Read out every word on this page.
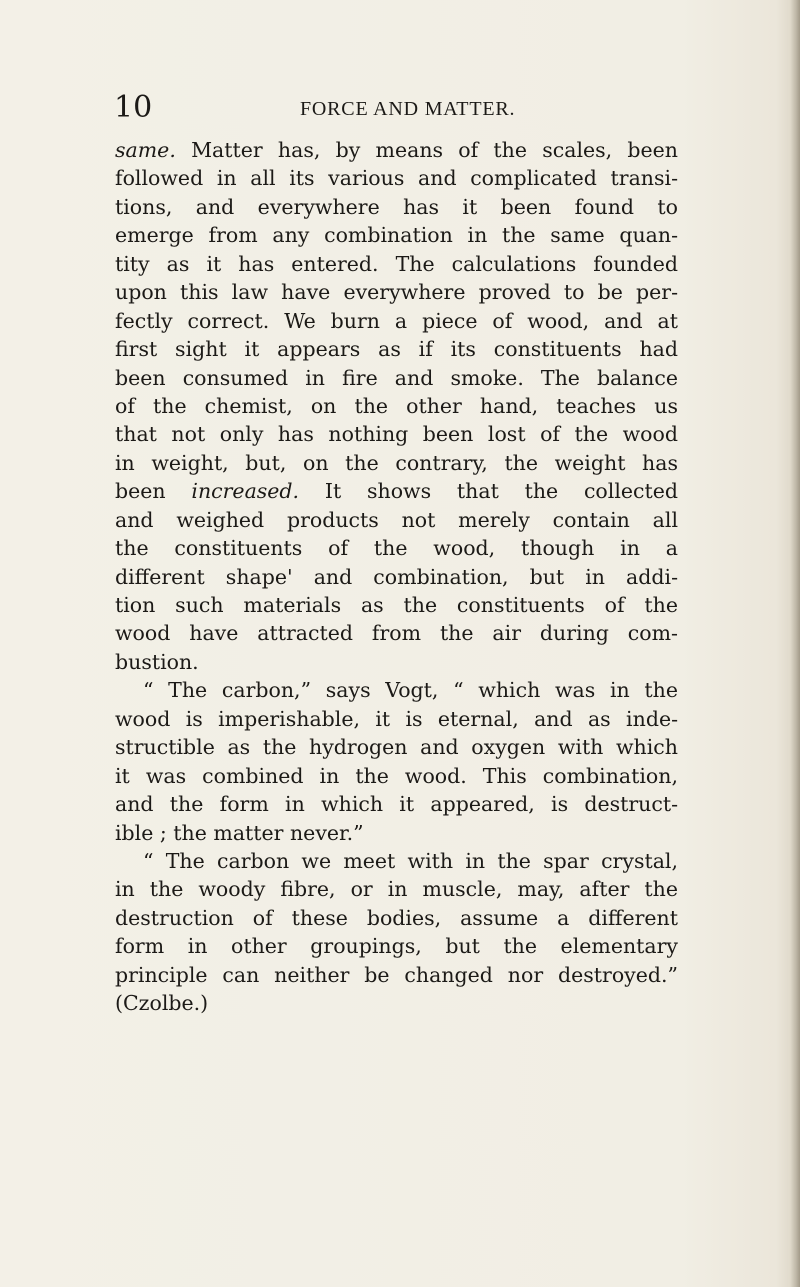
10	FORCE AND MATTER.
same. Matter has, by means of the scales, been
followed in all its various and complicated transi-
tions, and everywhere has it been found to
emerge from any combination in the same quan-
tity as it has entered. The calculations founded
upon this law have everywhere proved to be per-
fectly correct. We burn a piece of wood, and at
first sight it appears as if its constituents had
been consumed in fire and smoke. The balance
of the chemist, on the other hand, teaches us
that not only has nothing been lost of the wood
in weight, but, on the contrary, the weight has
been increased. It shows that the collected
and weighed products not merely contain all
the constituents of the wood, though in a
different shape' and combination, but in addi-
tion such materials as the constituents of the
wood have attracted from the air during com-
bustion.
“ The carbon,” says Vogt, “ which was in the
wood is imperishable, it is eternal, and as inde-
structible as the hydrogen and oxygen with which
it was combined in the wood. This combination,
and the form in which it appeared, is destruct-
ible ; the matter never.”
“ The carbon we meet with in the spar crystal,
in the woody fibre, or in muscle, may, after the
destruction of these bodies, assume a different
form in other groupings, but the elementary
principle can neither be changed nor destroyed.”
(Czolbe.)
